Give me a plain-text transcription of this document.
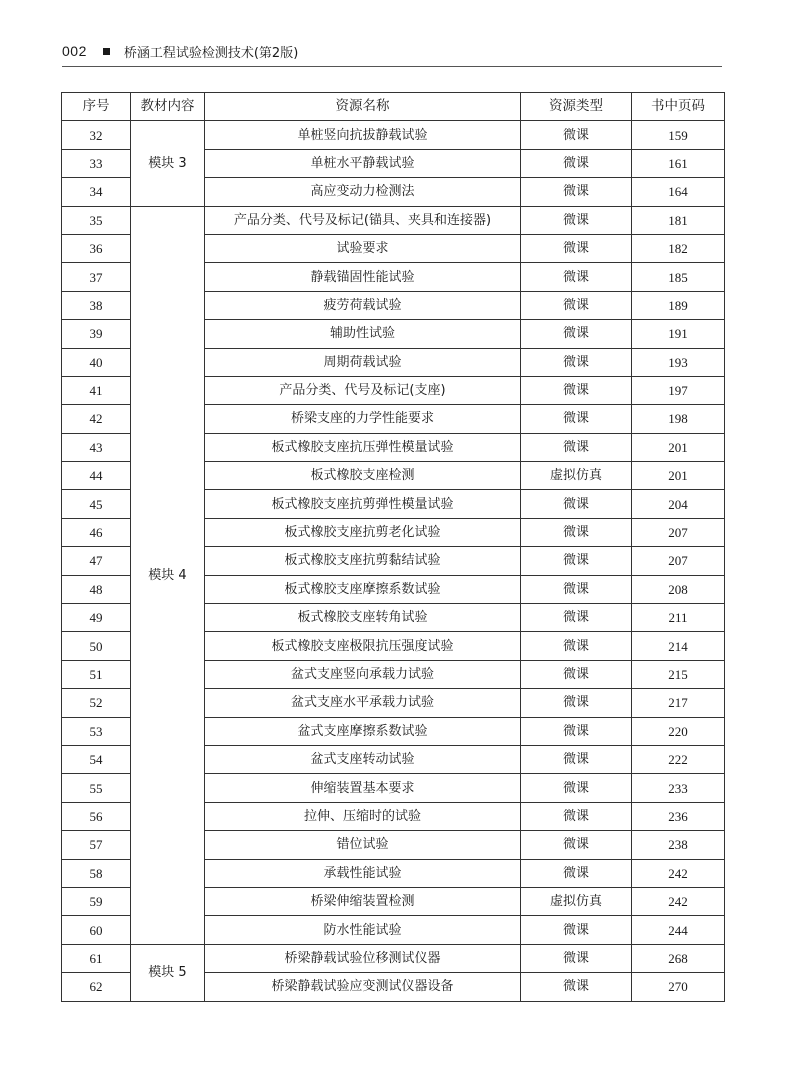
002	桥涵工程试验检测技术(第2版)
序号	教材内容	资源名称	资源类型	书中页码
32	模块 3	单桩竖向抗拔静载试验	微课	159
33		单桩水平静载试验	微课	161
34		高应变动力检测法	微课	164
35	模块 4	产品分类、代号及标记(锚具、夹具和连接器)	微课	181
36		试验要求	微课	182
37		静载锚固性能试验	微课	185
38		疲劳荷载试验	微课	189
39		辅助性试验	微课	191
40		周期荷载试验	微课	193
41		产品分类、代号及标记(支座)	微课	197
42		桥梁支座的力学性能要求	微课	198
43		板式橡胶支座抗压弹性模量试验	微课	201
44		板式橡胶支座检测	虚拟仿真	201
45		板式橡胶支座抗剪弹性模量试验	微课	204
46		板式橡胶支座抗剪老化试验	微课	207
47		板式橡胶支座抗剪黏结试验	微课	207
48		板式橡胶支座摩擦系数试验	微课	208
49		板式橡胶支座转角试验	微课	211
50		板式橡胶支座极限抗压强度试验	微课	214
51		盆式支座竖向承载力试验	微课	215
52		盆式支座水平承载力试验	微课	217
53		盆式支座摩擦系数试验	微课	220
54		盆式支座转动试验	微课	222
55		伸缩装置基本要求	微课	233
56		拉伸、压缩时的试验	微课	236
57		错位试验	微课	238
58		承载性能试验	微课	242
59		桥梁伸缩装置检测	虚拟仿真	242
60		防水性能试验	微课	244
61	模块 5	桥梁静载试验位移测试仪器	微课	268
62		桥梁静载试验应变测试仪器设备	微课	270
